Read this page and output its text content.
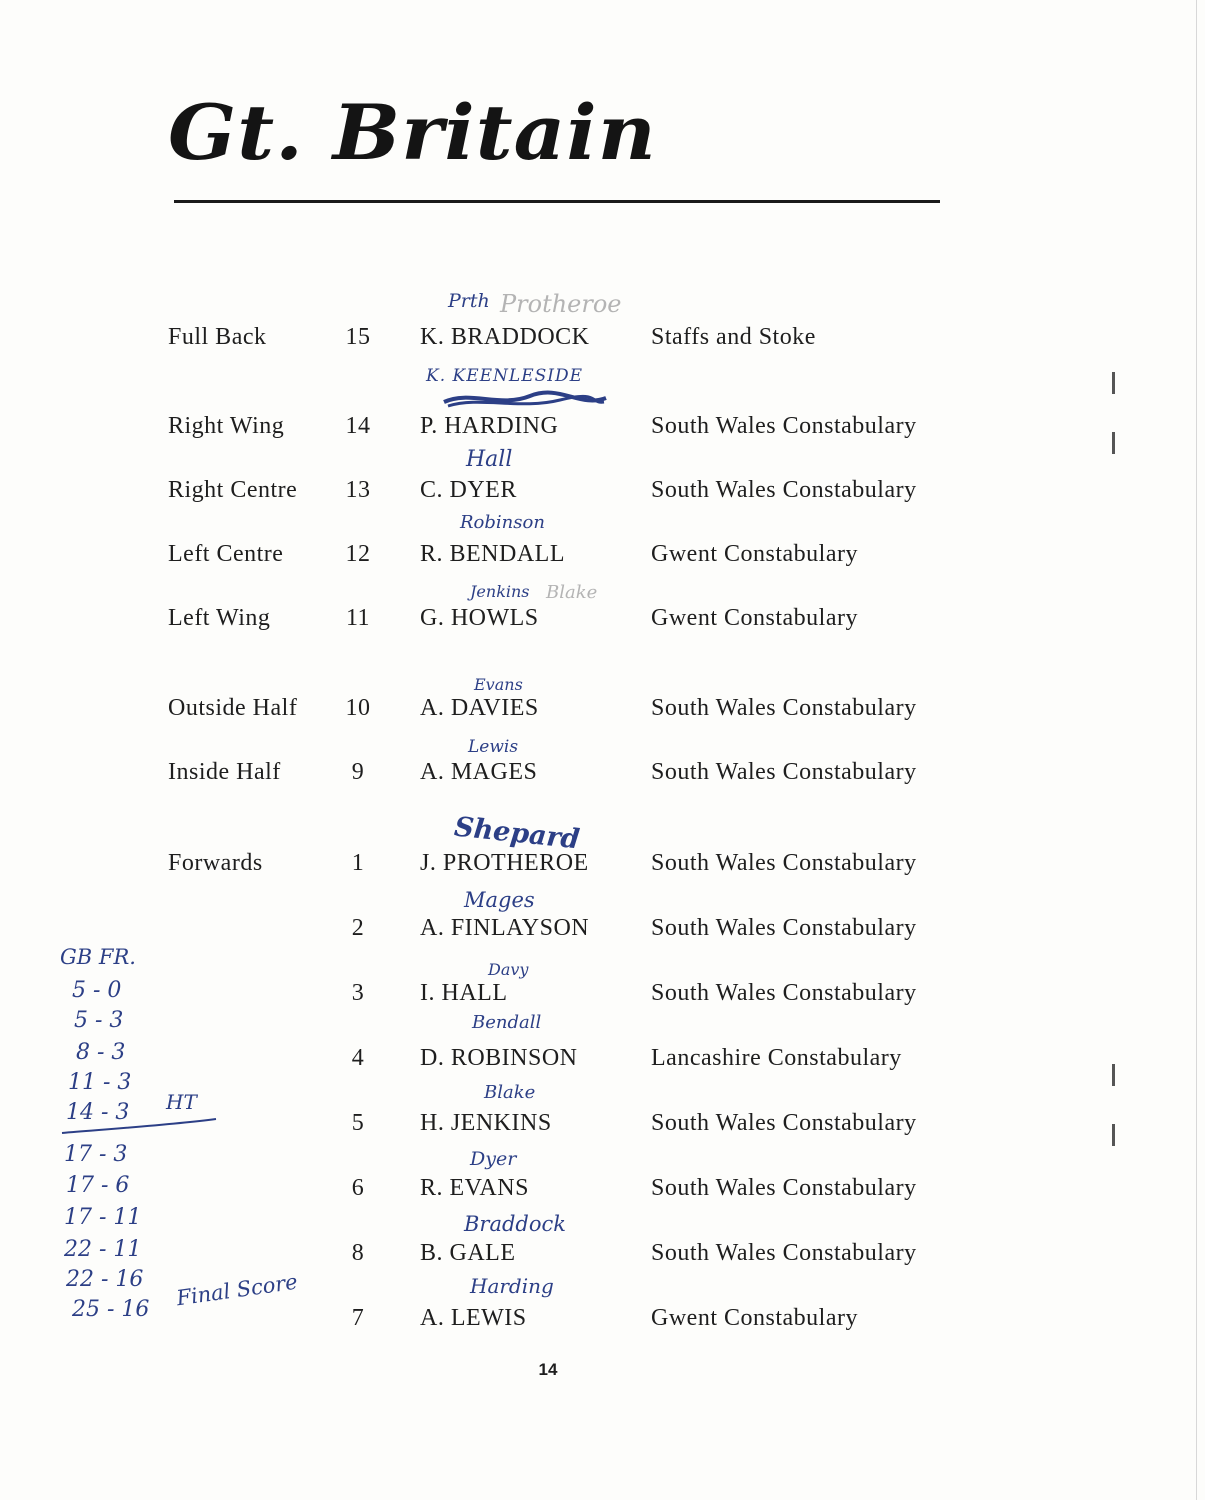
Gt. Britain
Full Back	15	K. BRADDOCK	Staffs and Stoke
Right Wing	14	P. HARDING	South Wales Constabulary
Right Centre	13	C. DYER	South Wales Constabulary
Left Centre	12	R. BENDALL	Gwent Constabulary
Left Wing	11	G. HOWLS	Gwent Constabulary
Outside Half	10	A. DAVIES	South Wales Constabulary
Inside Half	9	A. MAGES	South Wales Constabulary
Forwards	1	J. PROTHEROE	South Wales Constabulary
2	A. FINLAYSON	South Wales Constabulary
3	I. HALL	South Wales Constabulary
4	D. ROBINSON	Lancashire Constabulary
5	H. JENKINS	South Wales Constabulary
6	R. EVANS	South Wales Constabulary
8	B. GALE	South Wales Constabulary
7	A. LEWIS	Gwent Constabulary
Prth Protheroe
K. KEENLESIDE
Hall
Robinson
Jenkins Blake
Evans
Lewis
Shepard
Mages
Davy
Bendall
Blake
Dyer
Braddock
Harding
GB FR.
5 - 0
5 - 3
8 - 3
11 - 3
14 - 3 HT
17 - 3
17 - 6
17 - 11
22 - 11
22 - 16
25 - 16 Final Score
14
